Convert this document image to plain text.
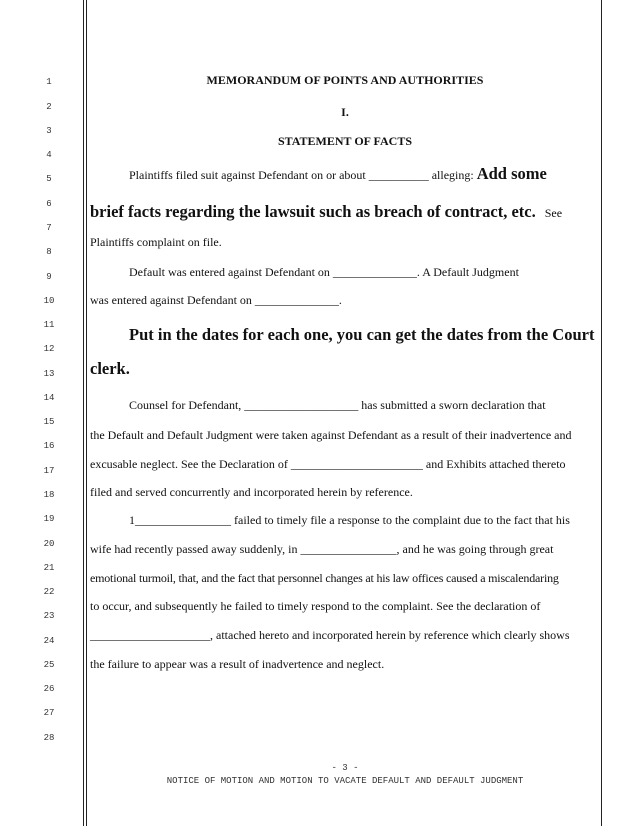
1
2
3
4
5
6
7
8
9
10
11
12
13
14
15
16
17
18
19
20
21
22
23
24
25
26
27
28
MEMORANDUM OF POINTS AND AUTHORITIES
I.
STATEMENT OF FACTS
Plaintiffs filed suit against Defendant on or about __________ alleging: Add some
brief facts regarding the lawsuit such as breach of contract, etc. See
Plaintiffs complaint on file.
Default was entered against Defendant on ______________. A Default Judgment
was entered against Defendant on ______________.
Put in the dates for each one, you can get the dates from the Court
clerk.
Counsel for Defendant, ___________________ has submitted a sworn declaration that
the Default and Default Judgment were taken against Defendant as a result of their inadvertence and
excusable neglect. See the Declaration of ______________________ and Exhibits attached thereto
filed and served concurrently and incorporated herein by reference.
1________________ failed to timely file a response to the complaint due to the fact that his
wife had recently passed away suddenly, in ________________, and he was going through great
emotional turmoil, that, and the fact that personnel changes at his law offices caused a miscalendaring
to occur, and subsequently he failed to timely respond to the complaint. See the declaration of
____________________, attached hereto and incorporated herein by reference which clearly shows
the failure to appear was a result of inadvertence and neglect.
- 3 -
NOTICE OF MOTION AND MOTION TO VACATE DEFAULT AND DEFAULT JUDGMENT
